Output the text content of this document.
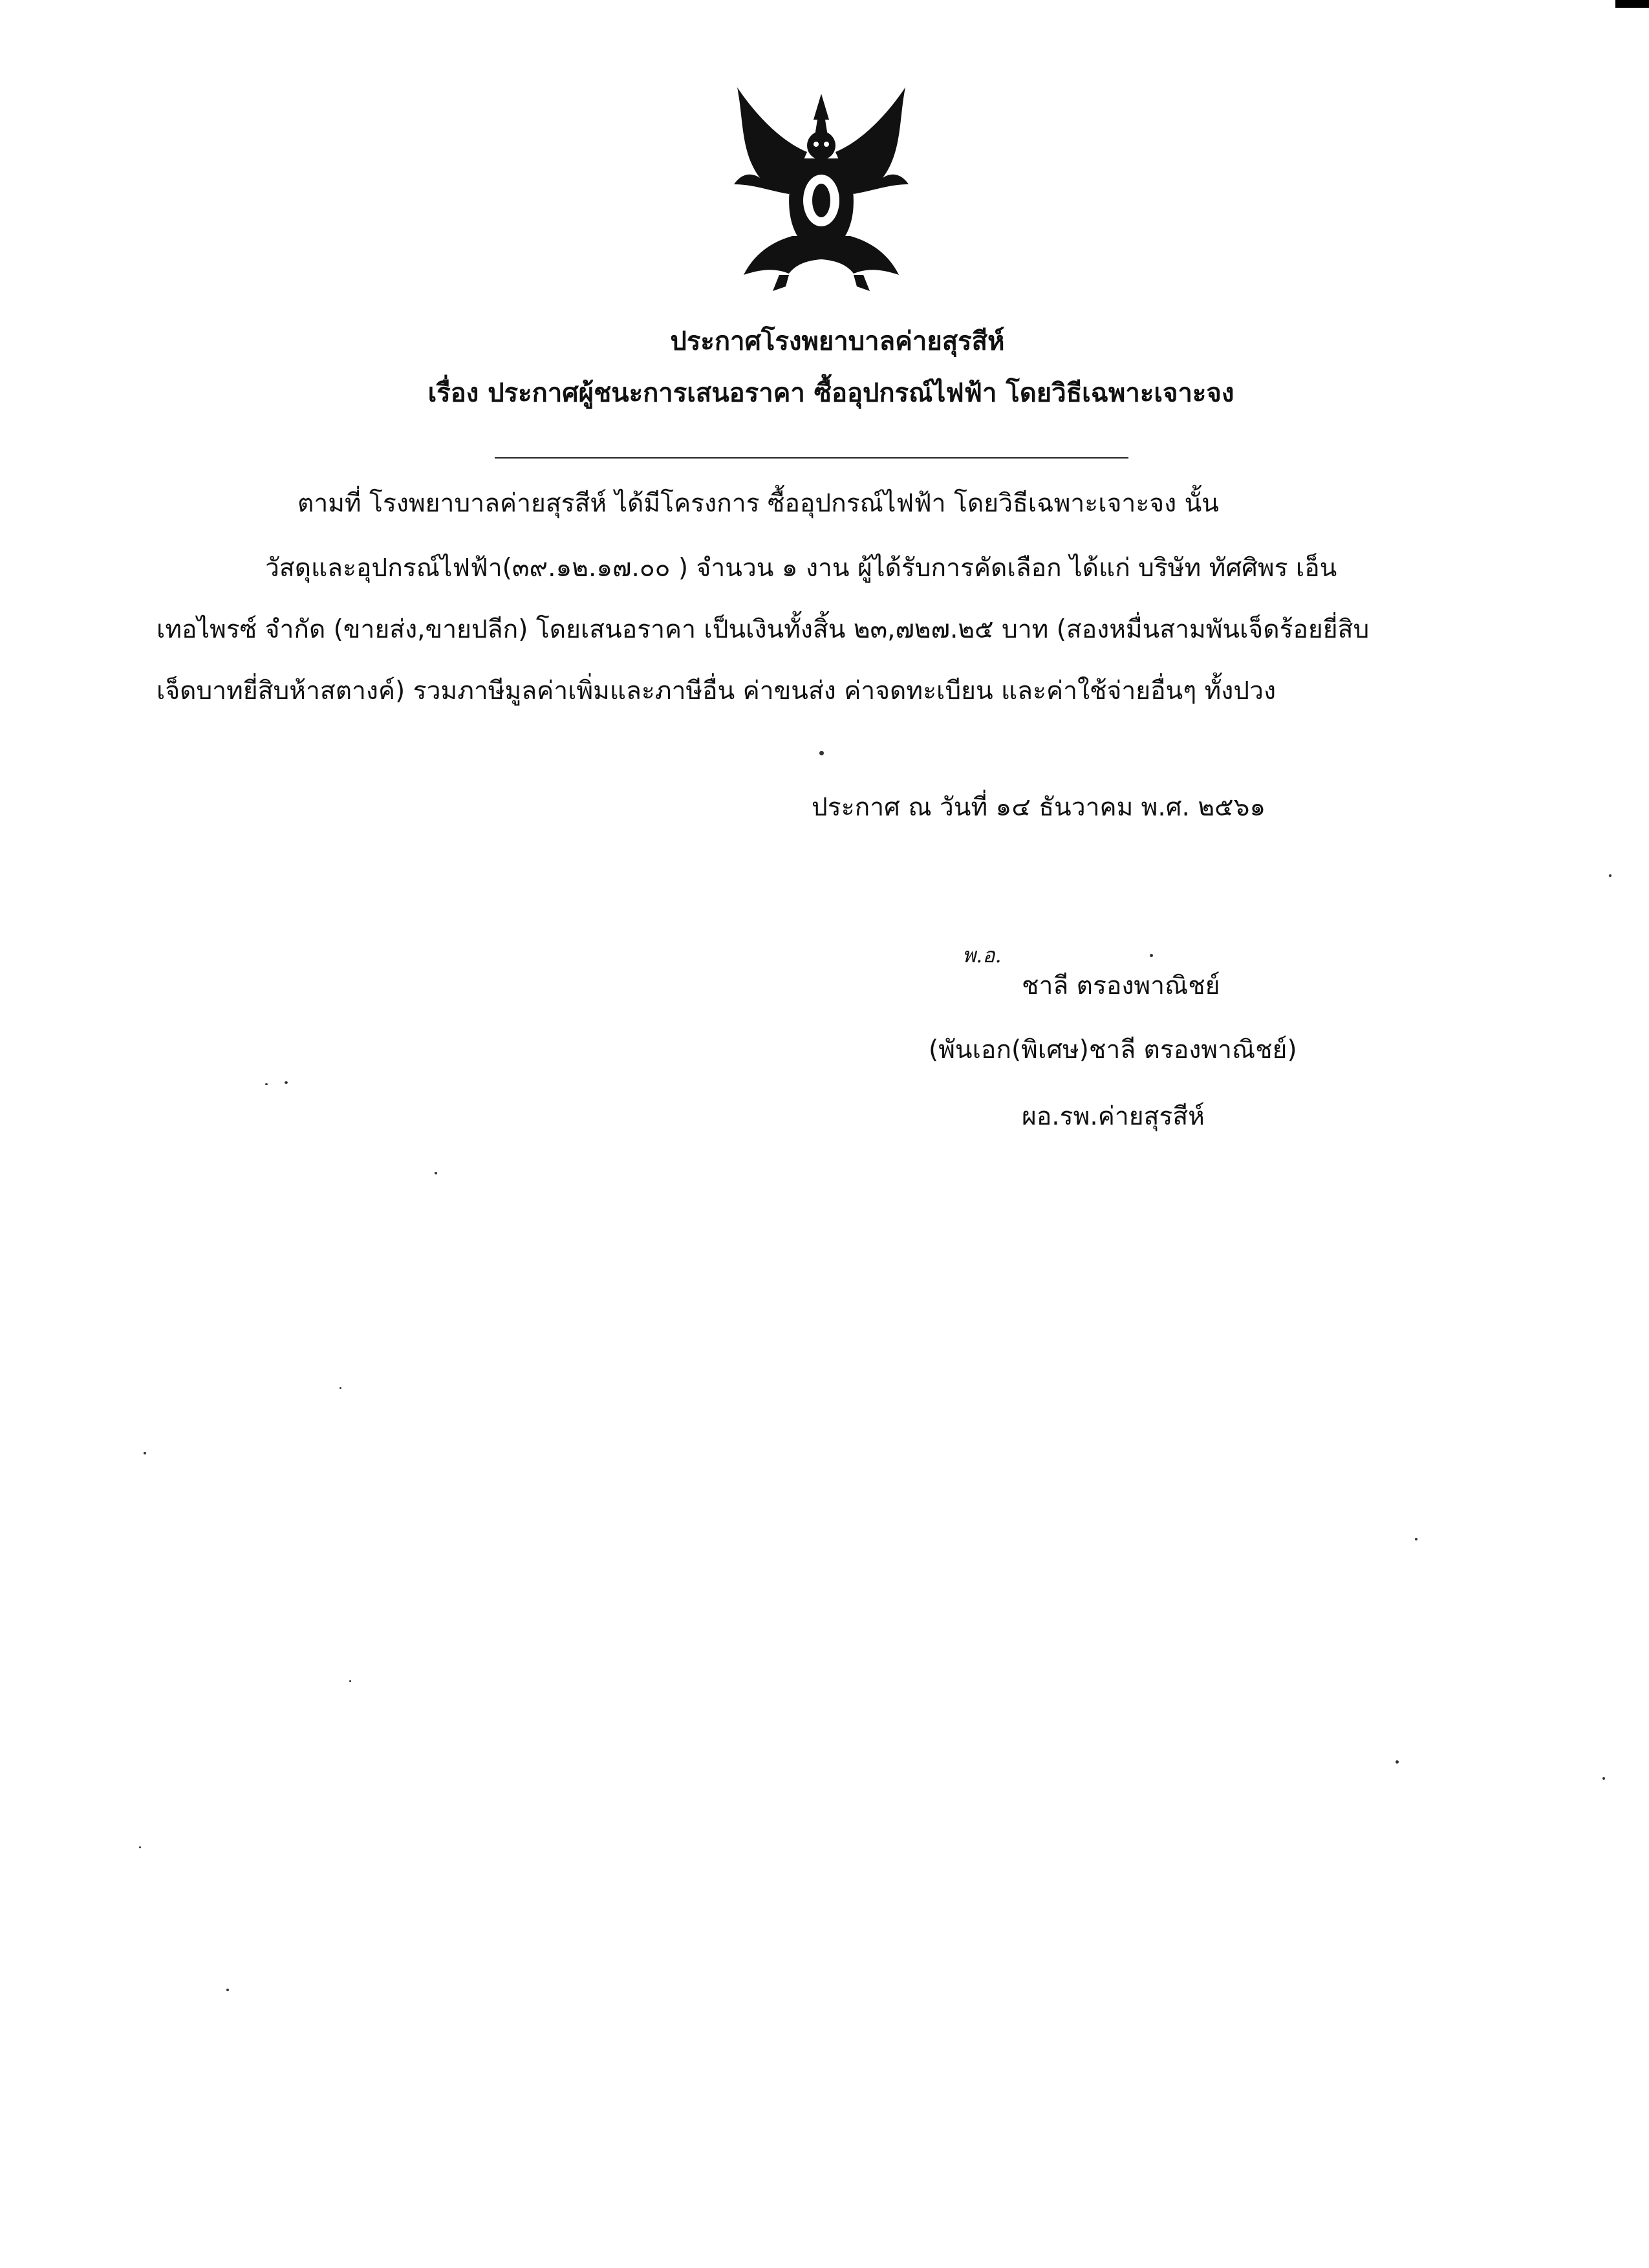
ประกาศโรงพยาบาลค่ายสุรสีห์
เรื่อง ประกาศผู้ชนะการเสนอราคา ซื้ออุปกรณ์ไฟฟ้า โดยวิธีเฉพาะเจาะจง
ตามที่ โรงพยาบาลค่ายสุรสีห์ ได้มีโครงการ ซื้ออุปกรณ์ไฟฟ้า โดยวิธีเฉพาะเจาะจง นั้น
วัสดุและอุปกรณ์ไฟฟ้า(๓๙.๑๒.๑๗.๐๐ ) จำนวน ๑ งาน ผู้ได้รับการคัดเลือก ได้แก่ บริษัท ทัศศิพร เอ็น
เทอไพรซ์ จำกัด (ขายส่ง,ขายปลีก) โดยเสนอราคา เป็นเงินทั้งสิ้น ๒๓,๗๒๗.๒๕ บาท (สองหมื่นสามพันเจ็ดร้อยยี่สิบ
เจ็ดบาทยี่สิบห้าสตางค์) รวมภาษีมูลค่าเพิ่มและภาษีอื่น ค่าขนส่ง ค่าจดทะเบียน และค่าใช้จ่ายอื่นๆ ทั้งปวง
ประกาศ ณ วันที่ ๑๔ ธันวาคม พ.ศ. ๒๕๖๑
พ.อ.
ชาลี ตรองพาณิชย์
(พันเอก(พิเศษ)ชาลี ตรองพาณิชย์)
ผอ.รพ.ค่ายสุรสีห์
